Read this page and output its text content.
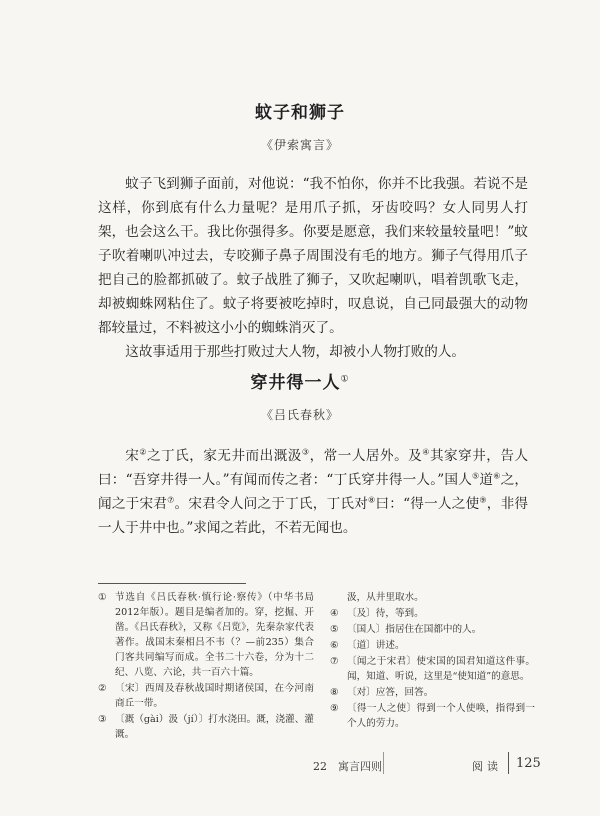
蚊子和狮子
《伊索寓言》

蚊子飞到狮子面前，对他说：“我不怕你，你并不比我强。若说不是这样，你到底有什么力量呢？是用爪子抓，牙齿咬吗？女人同男人打架，也会这么干。我比你强得多。你要是愿意，我们来较量较量吧！”蚊子吹着喇叭冲过去，专咬狮子鼻子周围没有毛的地方。狮子气得用爪子把自己的脸都抓破了。蚊子战胜了狮子，又吹起喇叭，唱着凯歌飞走，却被蜘蛛网粘住了。蚊子将要被吃掉时，叹息说，自己同最强大的动物都较量过，不料被这小小的蜘蛛消灭了。

这故事适用于那些打败过大人物，却被小人物打败的人。

穿井得一人①
《吕氏春秋》

宋②之丁氏，家无井而出溉汲③，常一人居外。及④其家穿井，告人曰：“吾穿井得一人。”有闻而传之者：“丁氏穿井得一人。”国人⑤道⑥之，闻之于宋君⑦。宋君令人问之于丁氏，丁氏对⑧曰：“得一人之使⑨，非得一人于井中也。”求闻之若此，不若无闻也。

① 节选自《吕氏春秋·慎行论·察传》（中华书局2012年版）。题目是编者加的。穿，挖掘、开凿。《吕氏春秋》，又称《吕览》，先秦杂家代表著作。战国末秦相吕不韦（？—前235）集合门客共同编写而成。全书二十六卷，分为十二纪、八览、六论，共一百六十篇。
② 〔宋〕西周及春秋战国时期诸侯国，在今河南商丘一带。
③ 〔溉（gài）汲（jí）〕打水浇田。溉，浇灌、灌溉。
汲，从井里取水。
④ 〔及〕待，等到。
⑤ 〔国人〕指居住在国都中的人。
⑥ 〔道〕讲述。
⑦ 〔闻之于宋君〕使宋国的国君知道这件事。闻，知道、听说，这里是“使知道”的意思。
⑧ 〔对〕应答，回答。
⑨ 〔得一人之使〕得到一个人使唤，指得到一个人的劳力。
22　寓言四则	阅读 125
